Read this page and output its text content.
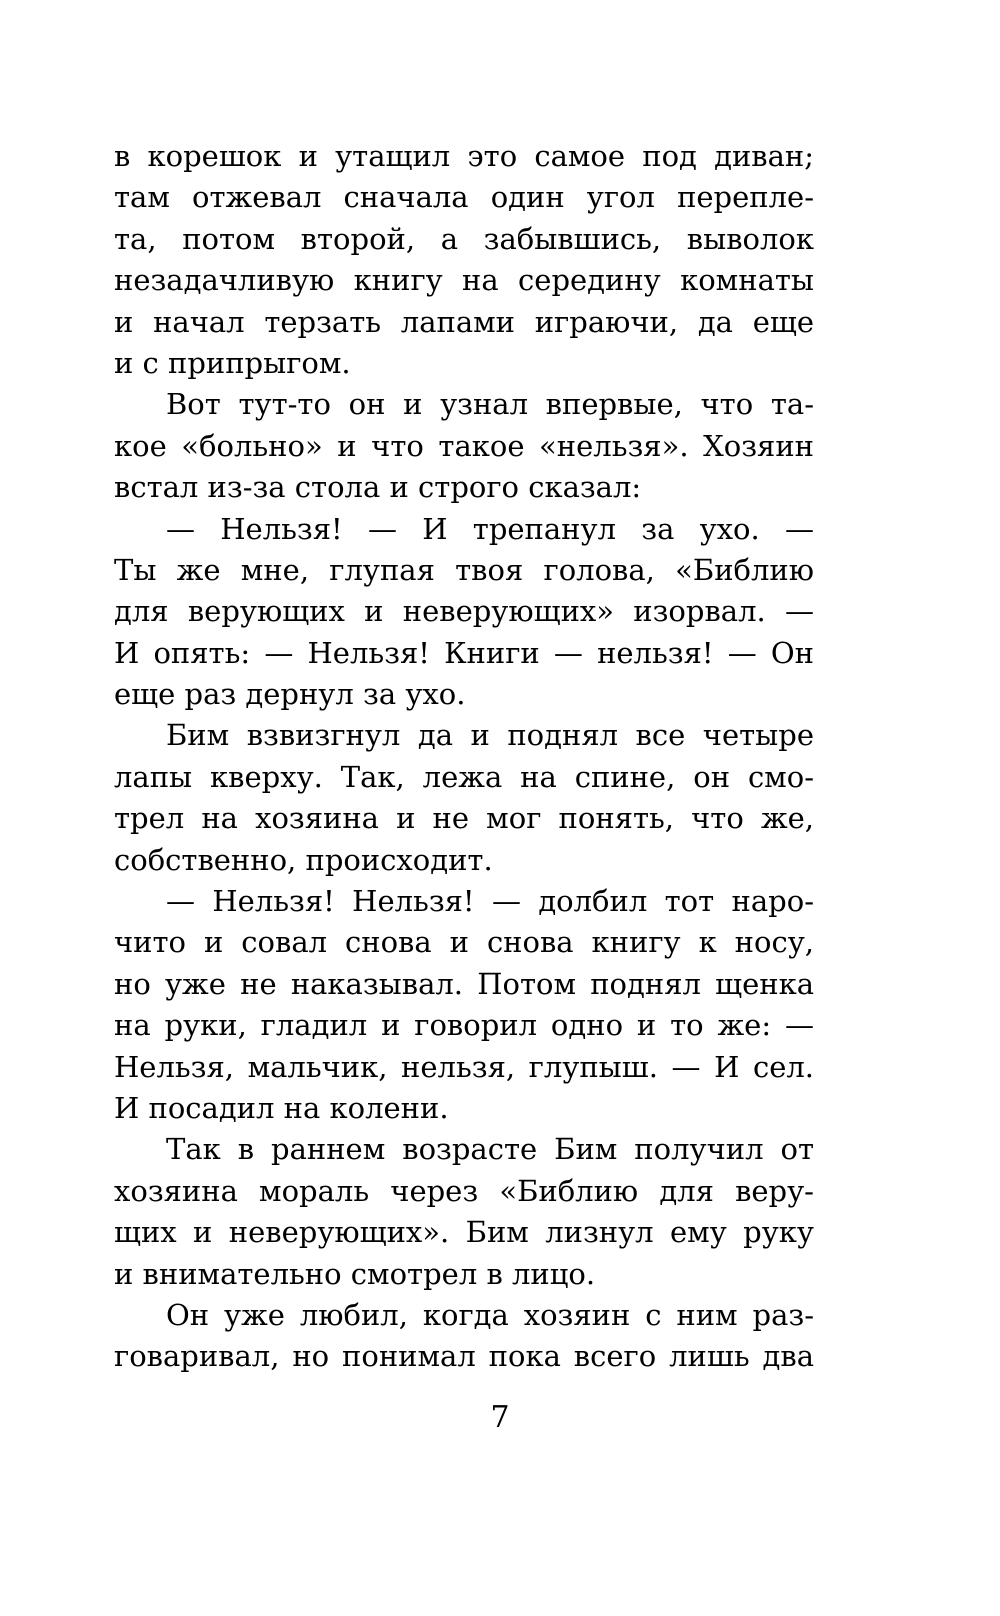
в корешок и утащил это самое под диван;
там отжевал сначала один угол перепле-
та, потом второй, а забывшись, выволок
незадачливую книгу на середину комнаты
и начал терзать лапами играючи, да еще
и с припрыгом.
Вот тут-то он и узнал впервые, что та-
кое «больно» и что такое «нельзя». Хозяин
встал из-за стола и строго сказал:
— Нельзя! — И трепанул за ухо. —
Ты же мне, глупая твоя голова, «Библию
для верующих и неверующих» изорвал. —
И опять: — Нельзя! Книги — нельзя! — Он
еще раз дернул за ухо.
Бим взвизгнул да и поднял все четыре
лапы кверху. Так, лежа на спине, он смо-
трел на хозяина и не мог понять, что же,
собственно, происходит.
— Нельзя! Нельзя! — долбил тот наро-
чито и совал снова и снова книгу к носу,
но уже не наказывал. Потом поднял щенка
на руки, гладил и говорил одно и то же: —
Нельзя, мальчик, нельзя, глупыш. — И сел.
И посадил на колени.
Так в раннем возрасте Бим получил от
хозяина мораль через «Библию для веру-
щих и неверующих». Бим лизнул ему руку
и внимательно смотрел в лицо.
Он уже любил, когда хозяин с ним раз-
говаривал, но понимал пока всего лишь два
7
